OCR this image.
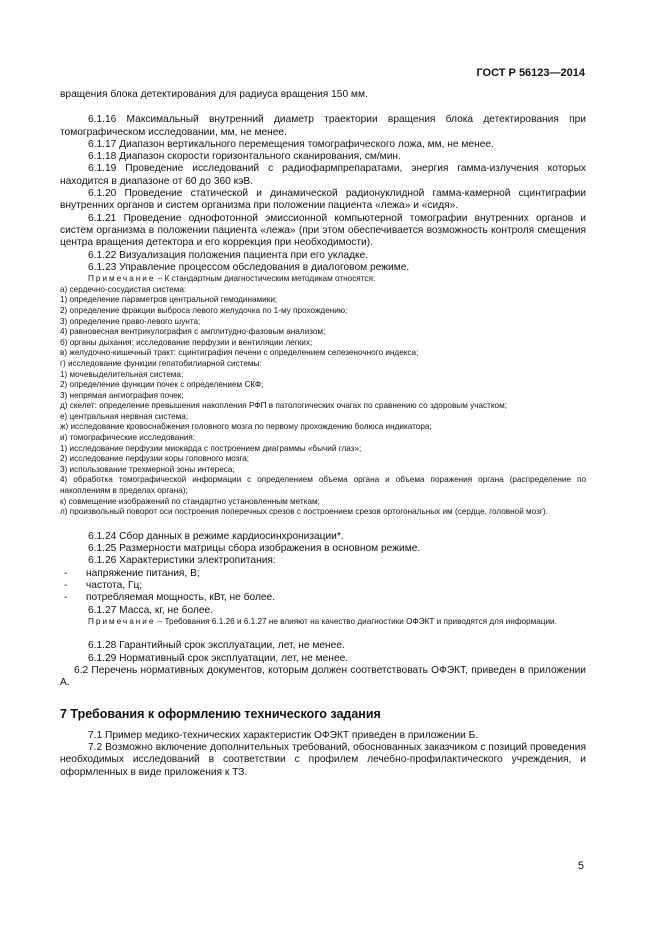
ГОСТ Р 56123—2014

вращения блока детектирования для радиуса вращения 150 мм.

6.1.16 Максимальный внутренний диаметр траектории вращения блока детектирования при томографическом исследовании, мм, не менее.

6.1.17 Диапазон вертикального перемещения томографического ложа, мм, не менее.

6.1.18 Диапазон скорости горизонтального сканирования, см/мин.

6.1.19 Проведение исследований с радиофармпрепаратами, энергия гамма-излучения которых находится в диапазоне от 60 до 360 кэВ.

6.1.20 Проведение статической и динамической радионуклидной гамма-камерной сцинтиграфии внутренних органов и систем организма при положении пациента «лежа» и «сидя».

6.1.21 Проведение однофотонной эмиссионной компьютерной томографии внутренних органов и систем организма в положении пациента «лежа» (при этом обеспечивается возможность контроля смещения центра вращения детектора и его коррекция при необходимости).

6.1.22 Визуализация положения пациента при его укладке.

6.1.23 Управление процессом обследования в диалоговом режиме.

Примечание – К стандартным диагностическим методикам относятся:

а) сердечно-сосудистая система:

1) определение параметров центральной гемодинамики;

2) определение фракции выброса левого желудочка по 1-му прохождению;

3) определение право-левого шунта;

4) равновесная вентрикулография с амплитудно-фазовым анализом;

б) органы дыхания: исследование перфузии и вентиляции легких;

в) желудочно-кишечный тракт: сцинтиграфия печени с определением селезеночного индекса;

г) исследование функции гепатобилиарной системы:

1) мочевыделительная системa;

2) определение функции почек с определением СКФ;

3) непрямая ангиография почек;

д) скелет: определение превышения накопления РФП в патологических очагах по сравнению со здоровым участком;

е) центральная нервная система;

ж) исследование кровоснабжения головного мозга по первому прохождению болюса индикатора;

и) томографические исследования:

1) исследование перфузии миокарда с построением диаграммы «бычий глаз»;

2) исследование перфузии коры головного мозга;

3) использование трехмерной зоны интереса;

4) обработка томографической информации с определением объема органа и объема поражения органа (распределение по накоплениям в пределах органа);

к) совмещение изображений по стандартно установленным меткам;

л) произвольный поворот оси построения поперечных срезов с построением срезов ортогональных им (сердце, головной мозг).

6.1.24 Сбор данных в режиме кардиосинхронизации*.

6.1.25 Размерности матрицы сбора изображения в основном режиме.

6.1.26 Характеристики электропитания:

- напряжение питания, В;

- частота, Гц;

- потребляемая мощность, кВт, не более.

6.1.27 Масса, кг, не более.

Примечание – Требования 6.1.26 и 6.1.27 не влияют на качество диагностики ОФЭКТ и приводятся для информации.

6.1.28 Гарантийный срок эксплуатации, лет, не менее.

6.1.29 Нормативный срок эксплуатации, лет, не менее.

6.2 Перечень нормативных документов, которым должен соответствовать ОФЭКТ, приведен в приложении А.

7 Требования к оформлению технического задания

7.1 Пример медико-технических характеристик ОФЭКТ приведен в приложении Б.

7.2 Возможно включение дополнительных требований, обоснованных заказчиком с позиций проведения необходимых исследований в соответствии с профилем лечебно-профилактического учреждения, и оформленных в виде приложения к ТЗ.

5
